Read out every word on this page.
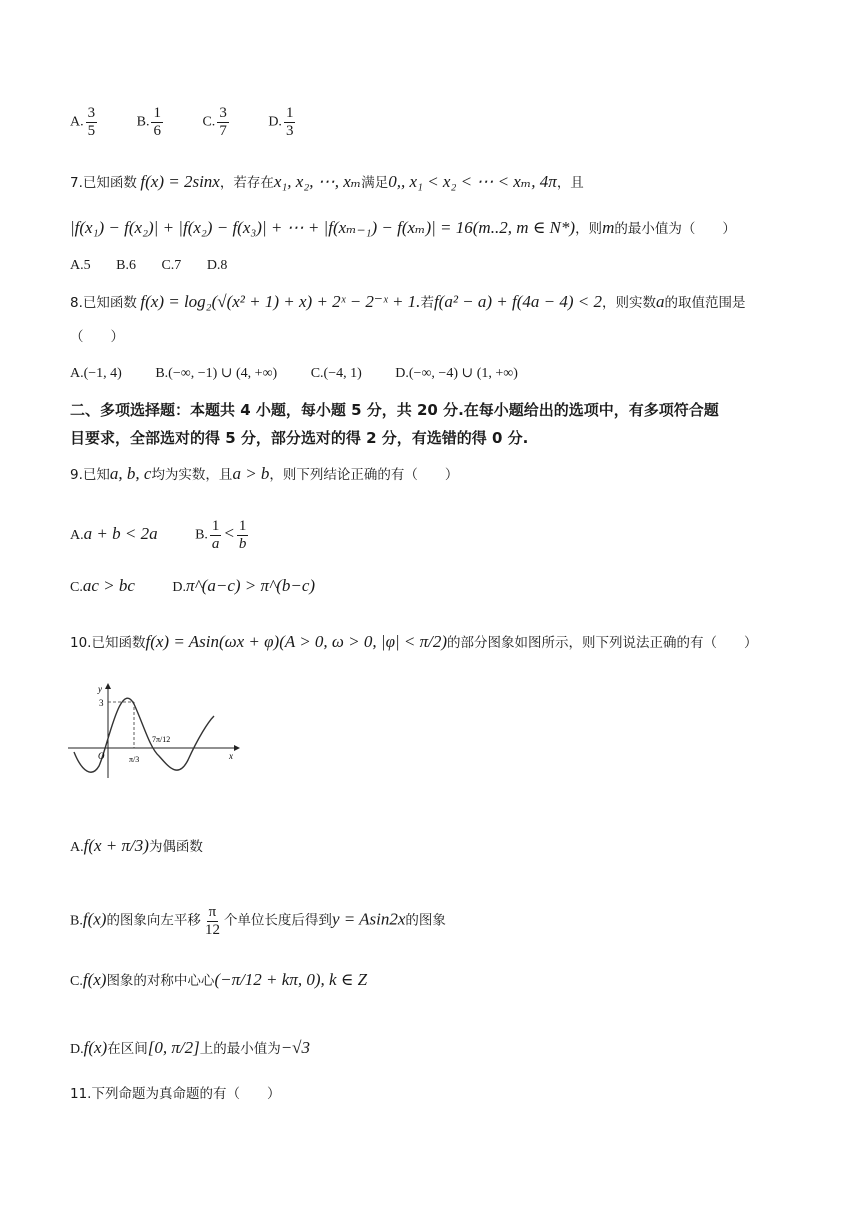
A. $\frac{3}{5}$	B. $\frac{1}{6}$	C. $\frac{3}{7}$	D. $\frac{1}{3}$
7.已知函数 f(x) = 2sinx，若存在x₁, x₂, ⋯, xₘ满足0,, x₁ < x₂ < ⋯ < xₘ, 4π，且
|f(x₁) − f(x₂)| + |f(x₂) − f(x₃)| + ⋯ + |f(xₘ₋₁) − f(xₘ)| = 16(m..2, m ∈ N*)，则m的最小值为（　　）
A.5 B.6 C.7 D.8
8.已知函数 f(x) = log₂(√(x² + 1) + x) + 2ˣ − 2⁻ˣ + 1.若f(a² − a) + f(4a − 4) < 2，则实数a的取值范围是
（　　）
A.(−1, 4) B.(−∞, −1) ∪ (4, +∞) C.(−4, 1) D.(−∞, −4) ∪ (1, +∞)
二、多项选择题：本题共 4 小题，每小题 5 分，共 20 分.在每小题给出的选项中，有多项符合题
目要求，全部选对的得 5 分，部分选对的得 2 分，有选错的得 0 分.
9.已知a, b, c均为实数，且a > b，则下列结论正确的有（　　）
A.a + b < 2a	B. $\frac{1}{a} < \frac{1}{b}$
C.ac > bc	D.π^(a−c) > π^(b−c)
10.已知函数f(x) = Asin(ωx + φ)(A > 0, ω > 0, |φ| < π/2)的部分图象如图所示，则下列说法正确的有（　　）
y
x
O
3
π/3
7π/12
A.f(x + π/3)为偶函数
B.f(x)的图象向左平移 $\frac{\pi}{12}$ 个单位长度后得到y = Asin2x的图象
C.f(x)图象的对称中心心(−π/12 + kπ, 0), k ∈ Z
D.f(x)在区间[0, π/2]上的最小值为−√3
11.下列命题为真命题的有（　　）
